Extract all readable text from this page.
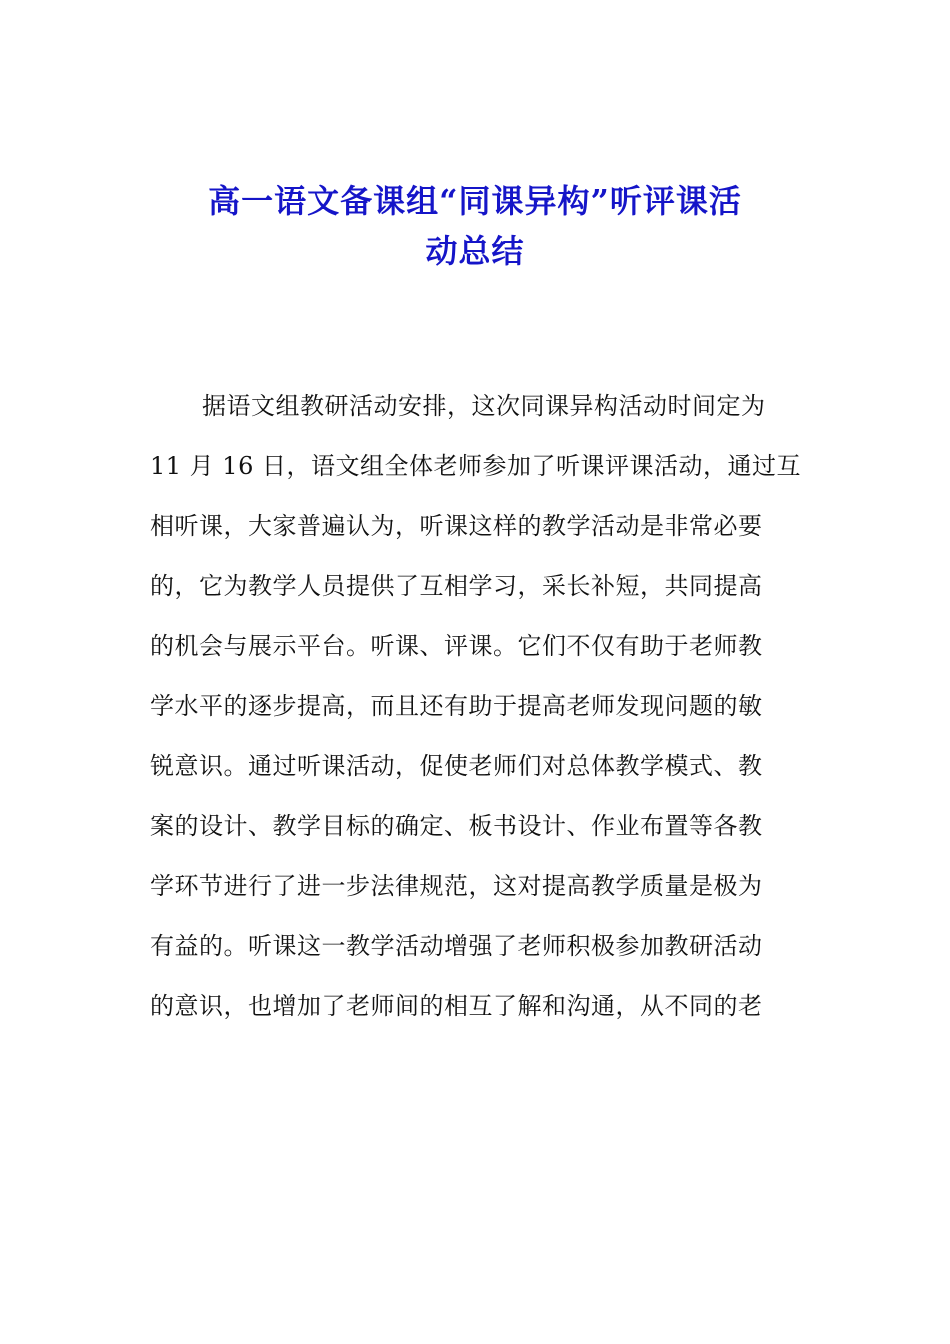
高一语文备课组“同课异构”听评课活
动总结
据语文组教研活动安排，这次同课异构活动时间定为
11 月 16 日，语文组全体老师参加了听课评课活动，通过互
相听课，大家普遍认为，听课这样的教学活动是非常必要
的，它为教学人员提供了互相学习，采长补短，共同提高
的机会与展示平台。听课、评课。它们不仅有助于老师教
学水平的逐步提高，而且还有助于提高老师发现问题的敏
锐意识。通过听课活动，促使老师们对总体教学模式、教
案的设计、教学目标的确定、板书设计、作业布置等各教
学环节进行了进一步法律规范，这对提高教学质量是极为
有益的。听课这一教学活动增强了老师积极参加教研活动
的意识，也增加了老师间的相互了解和沟通，从不同的老
